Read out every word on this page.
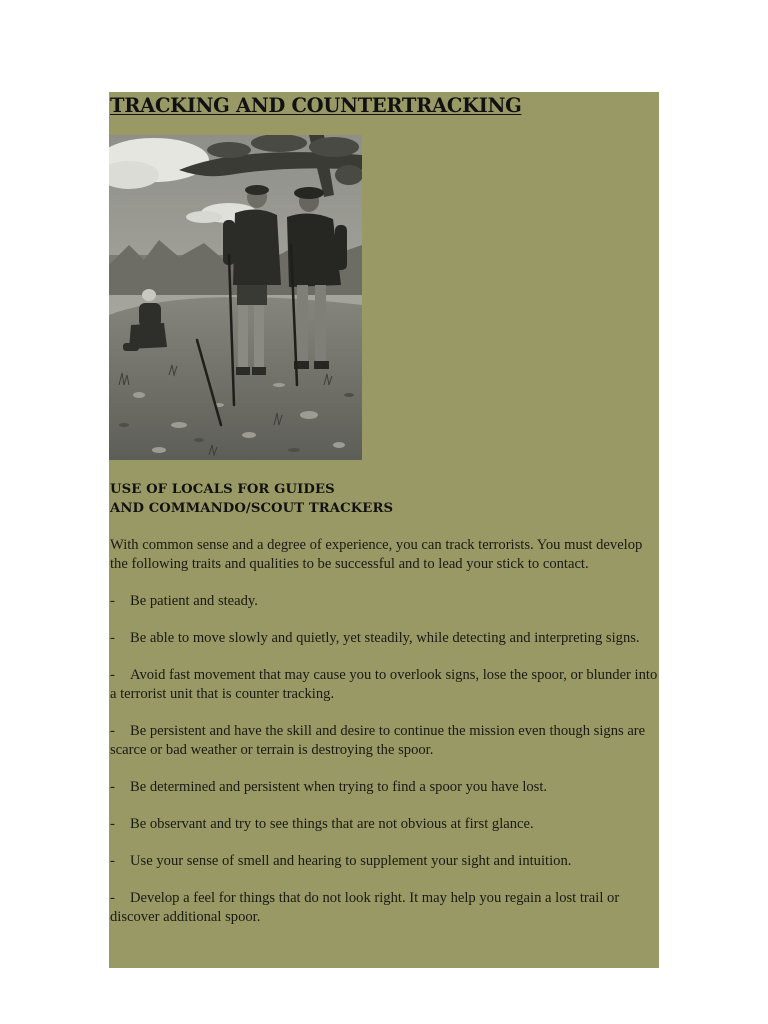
TRACKING AND COUNTERTRACKING

USE OF LOCALS FOR GUIDES
AND COMMANDO/SCOUT TRACKERS

With common sense and a degree of experience, you can track terrorists. You must develop the following traits and qualities to be successful and to lead your stick to contact.

- Be patient and steady.

- Be able to move slowly and quietly, yet steadily, while detecting and interpreting signs.

- Avoid fast movement that may cause you to overlook signs, lose the spoor, or blunder into a terrorist unit that is counter tracking.

- Be persistent and have the skill and desire to continue the mission even though signs are scarce or bad weather or terrain is destroying the spoor.

- Be determined and persistent when trying to find a spoor you have lost.

- Be observant and try to see things that are not obvious at first glance.

- Use your sense of smell and hearing to supplement your sight and intuition.

- Develop a feel for things that do not look right. It may help you regain a lost trail or discover additional spoor.
